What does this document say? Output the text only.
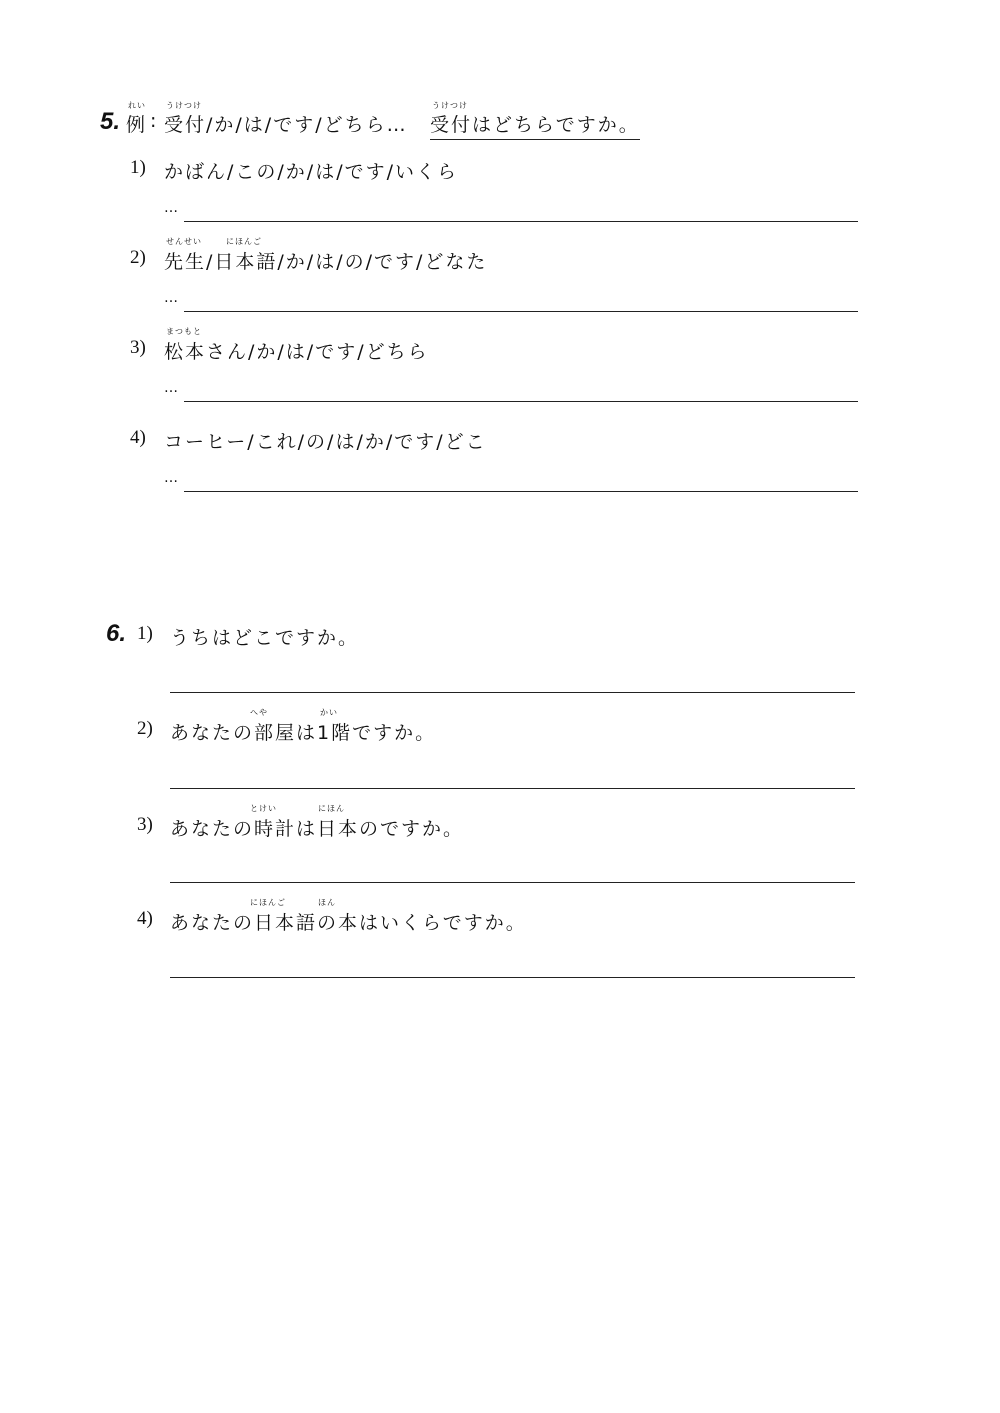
5.
れい
例 :
うけつけ
受付/か/は/です/どちら…
うけつけ
受付はどちらですか。
1) かばん/この/か/は/です/いくら
…
せんせい	にほんご
2) 先生/日本語/か/は/の/です/どなた
…
まつもと
3) 松本さん/か/は/です/どちら
…
4) コーヒー/これ/の/は/か/です/どこ
…
6. 1) うちはどこですか。
へや	かい
2) あなたの部屋は1階ですか。
とけい	にほん
3) あなたの時計は日本のですか。
にほんご	ほん
4) あなたの日本語の本はいくらですか。
